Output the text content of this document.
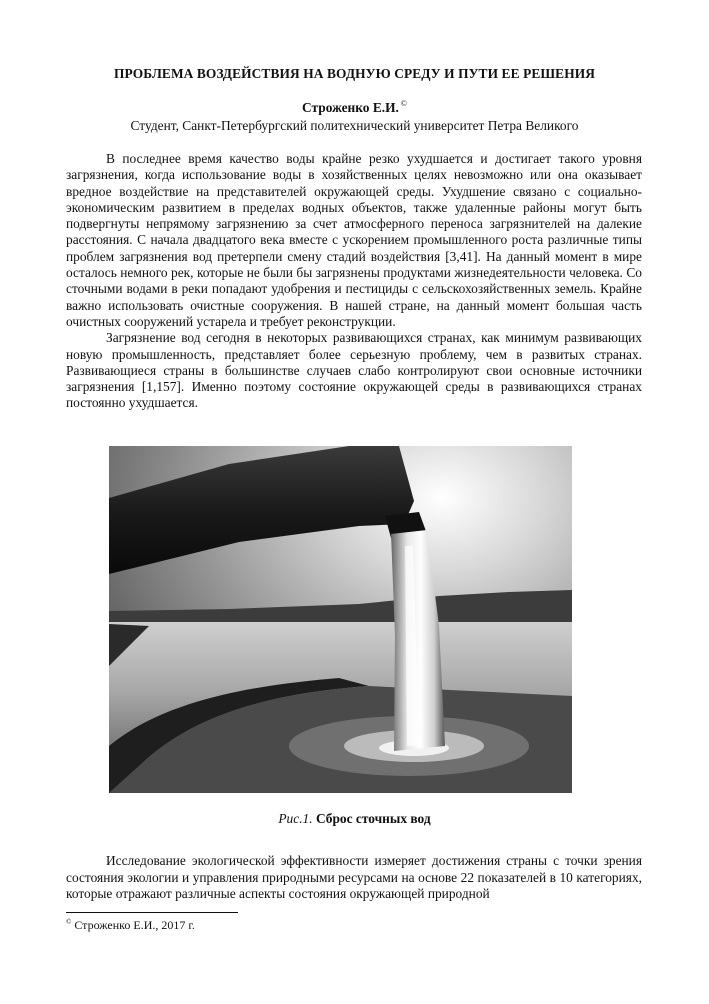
ПРОБЛЕМА ВОЗДЕЙСТВИЯ НА ВОДНУЮ СРЕДУ И ПУТИ ЕЕ РЕШЕНИЯ
Строженко Е.И. ©
Студент, Санкт-Петербургский политехнический университет Петра Великого

В последнее время качество воды крайне резко ухудшается и достигает такого уровня загрязнения, когда использование воды в хозяйственных целях невозможно или она оказывает вредное воздействие на представителей окружающей среды. Ухудшение связано с социально-экономическим развитием в пределах водных объектов, также удаленные районы могут быть подвергнуты непрямому загрязнению за счет атмосферного переноса загрязнителей на далекие расстояния. С начала двадцатого века вместе с ускорением промышленного роста различные типы проблем загрязнения вод претерпели смену стадий воздействия [3,41]. На данный момент в мире осталось немного рек, которые не были бы загрязнены продуктами жизнедеятельности человека. Со сточными водами в реки попадают удобрения и пестициды с сельскохозяйственных земель. Крайне важно использовать очистные сооружения. В нашей стране, на данный момент большая часть очистных сооружений устарела и требует реконструкции.

Загрязнение вод сегодня в некоторых развивающихся странах, как минимум развивающих новую промышленность, представляет более серьезную проблему, чем в развитых странах. Развивающиеся страны в большинстве случаев слабо контролируют свои основные источники загрязнения [1,157]. Именно поэтому состояние окружающей среды в развивающихся странах постоянно ухудшается.

Рис.1. Сброс сточных вод

Исследование экологической эффективности измеряет достижения страны с точки зрения состояния экологии и управления природными ресурсами на основе 22 показателей в 10 категориях, которые отражают различные аспекты состояния окружающей природной

© Строженко Е.И., 2017 г.
